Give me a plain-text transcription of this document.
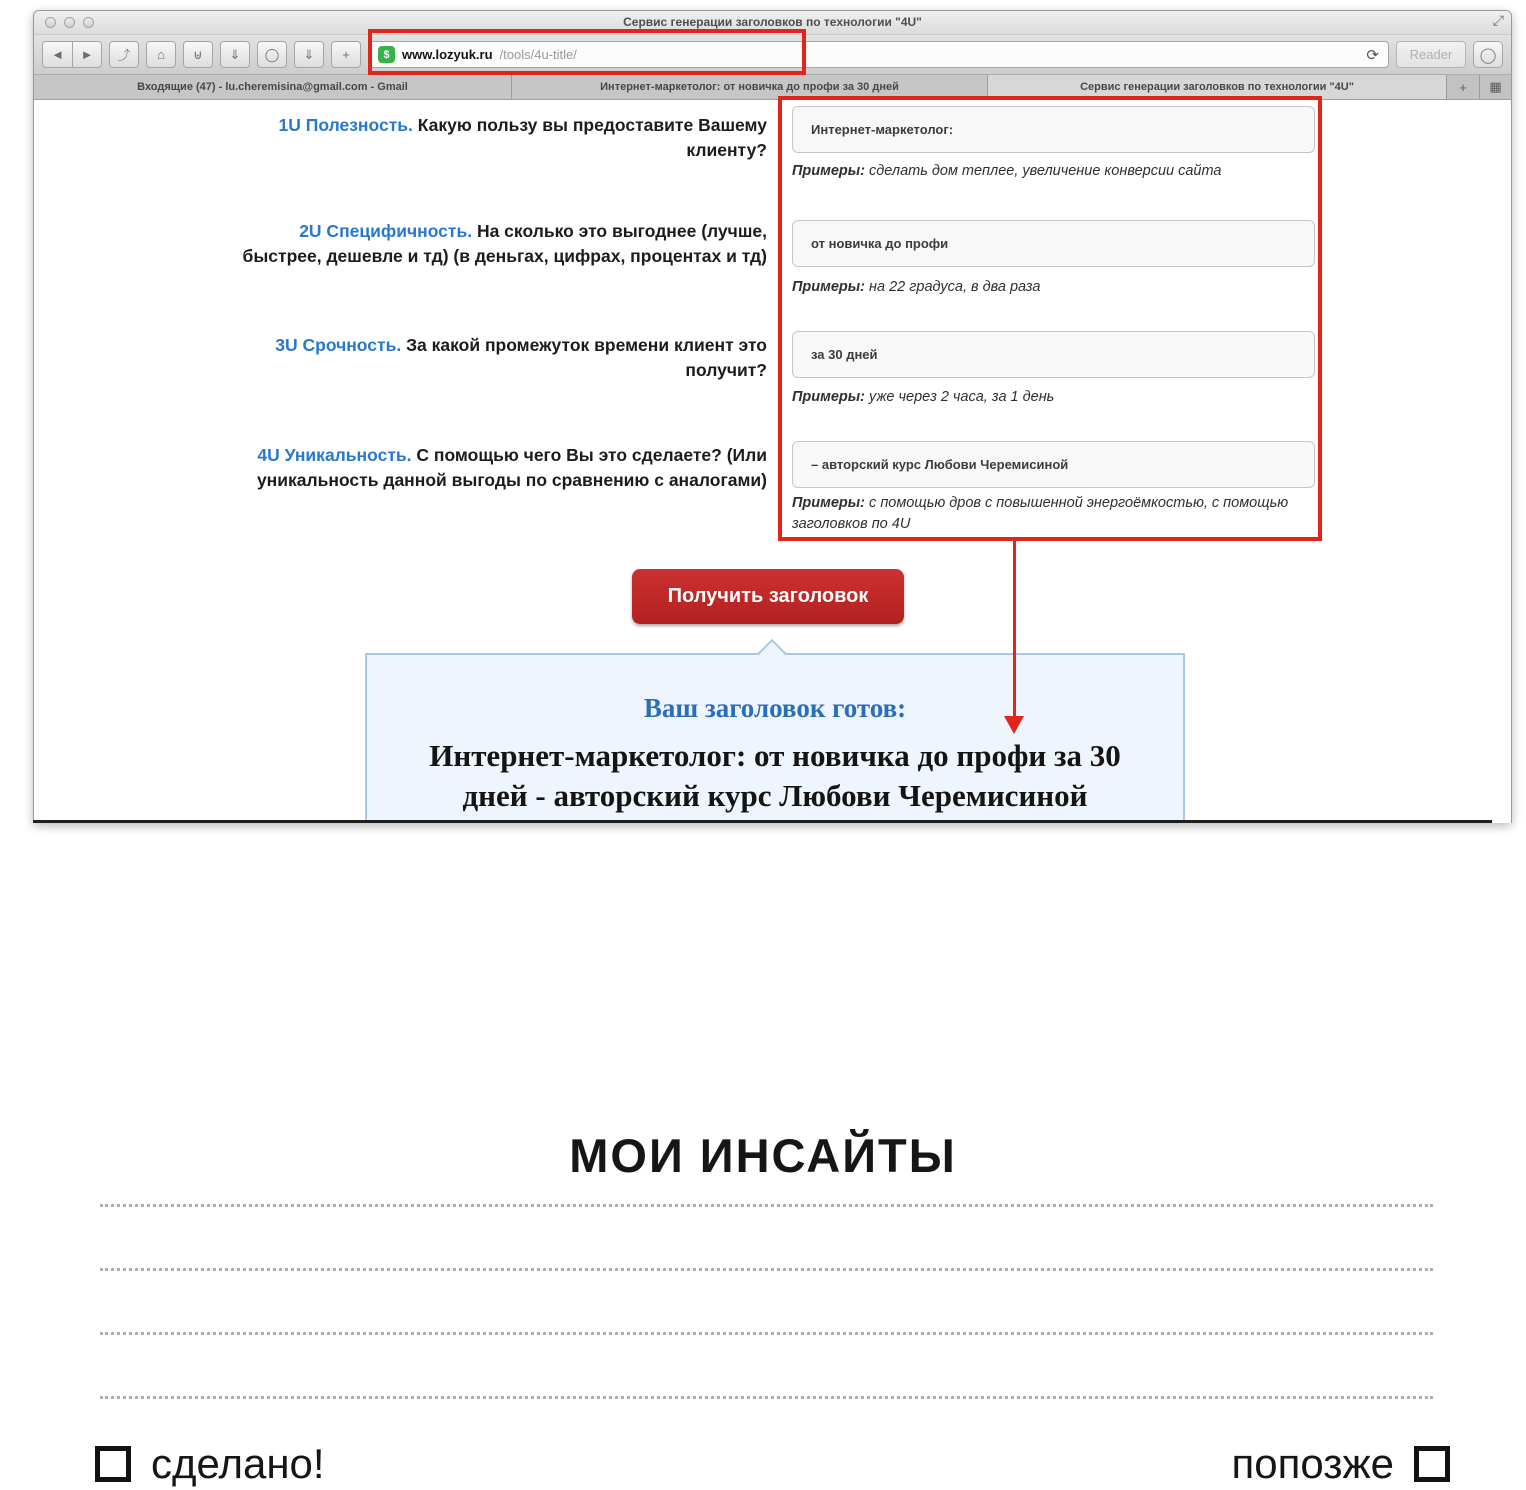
Сервис генерации заголовков по технологии "4U"	⤢
◄ ► ⤴ ⌂ ⊎ ⇓ ◯ ⇓ +	$ www.lozyuk.ru /tools/4u-title/	⟳	Reader	◯
Входящие (47) - lu.cheremisina@gmail.com - Gmail	Интернет-маркетолог: от новичка до профи за 30 дней	Сервис генерации заголовков по технологии "4U"	+	▦
1U Полезность. Какую пользу вы предоставите Вашему клиенту?
Интернет-маркетолог:
Примеры: сделать дом теплее, увеличение конверсии сайта
2U Специфичность. На сколько это выгоднее (лучше, быстрее, дешевле и тд) (в деньгах, цифрах, процентах и тд)
от новичка до профи
Примеры: на 22 градуса, в два раза
3U Срочность. За какой промежуток времени клиент это получит?
за 30 дней
Примеры: уже через 2 часа, за 1 день
4U Уникальность. С помощью чего Вы это сделаете? (Или уникальность данной выгоды по сравнению с аналогами)
– авторский курс Любови Черемисиной
Примеры: с помощью дров с повышенной энергоёмкостью, с помощью заголовков по 4U
Получить заголовок
Ваш заголовок готов:
Интернет-маркетолог: от новичка до профи за 30 дней - авторский курс Любови Черемисиной
МОИ ИНСАЙТЫ
сделано!	попозже
